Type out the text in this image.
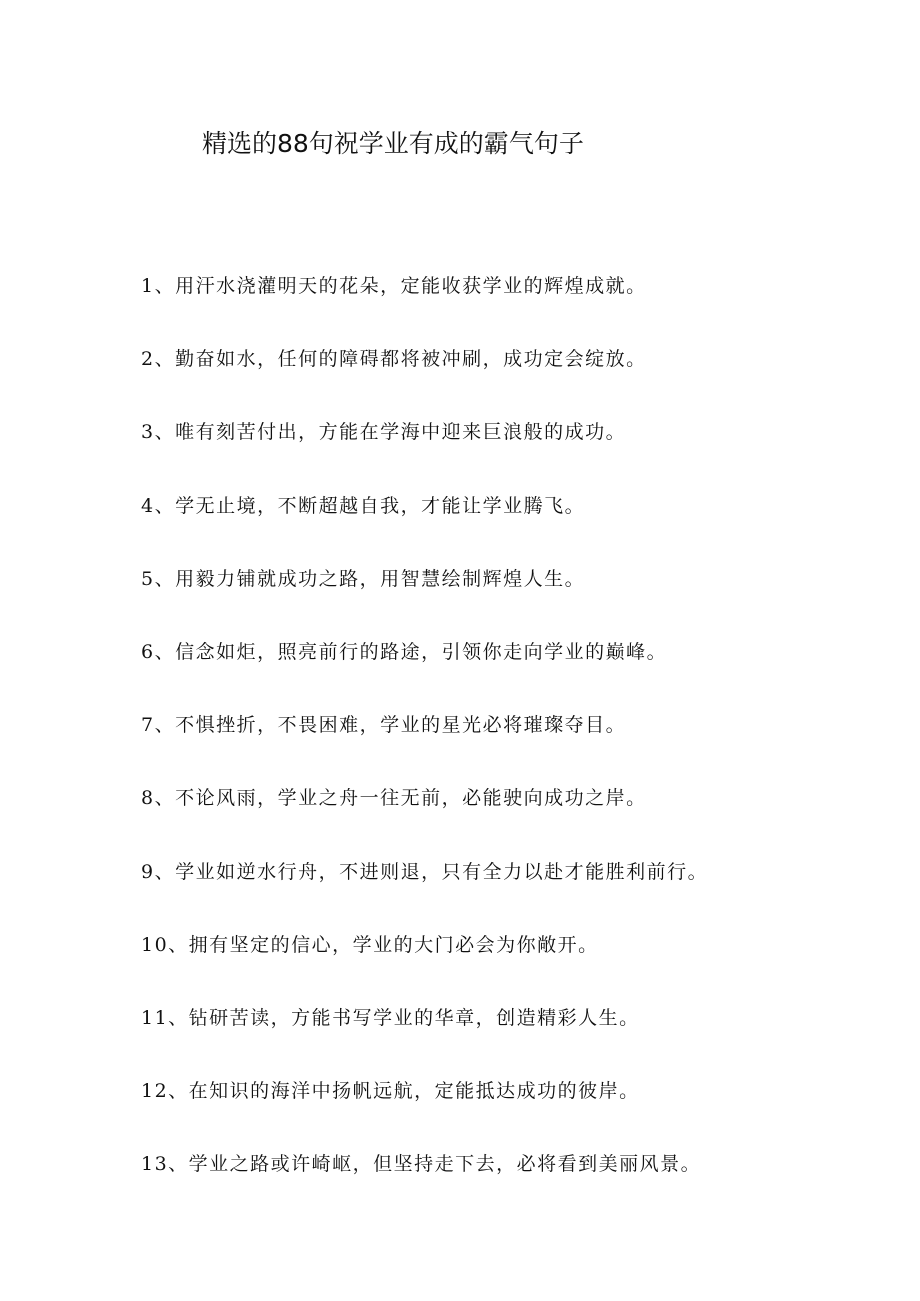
精选的88句祝学业有成的霸气句子
1、用汗水浇灌明天的花朵，定能收获学业的辉煌成就。
2、勤奋如水，任何的障碍都将被冲刷，成功定会绽放。
3、唯有刻苦付出，方能在学海中迎来巨浪般的成功。
4、学无止境，不断超越自我，才能让学业腾飞。
5、用毅力铺就成功之路，用智慧绘制辉煌人生。
6、信念如炬，照亮前行的路途，引领你走向学业的巅峰。
7、不惧挫折，不畏困难，学业的星光必将璀璨夺目。
8、不论风雨，学业之舟一往无前，必能驶向成功之岸。
9、学业如逆水行舟，不进则退，只有全力以赴才能胜利前行。
10、拥有坚定的信心，学业的大门必会为你敞开。
11、钻研苦读，方能书写学业的华章，创造精彩人生。
12、在知识的海洋中扬帆远航，定能抵达成功的彼岸。
13、学业之路或许崎岖，但坚持走下去，必将看到美丽风景。
